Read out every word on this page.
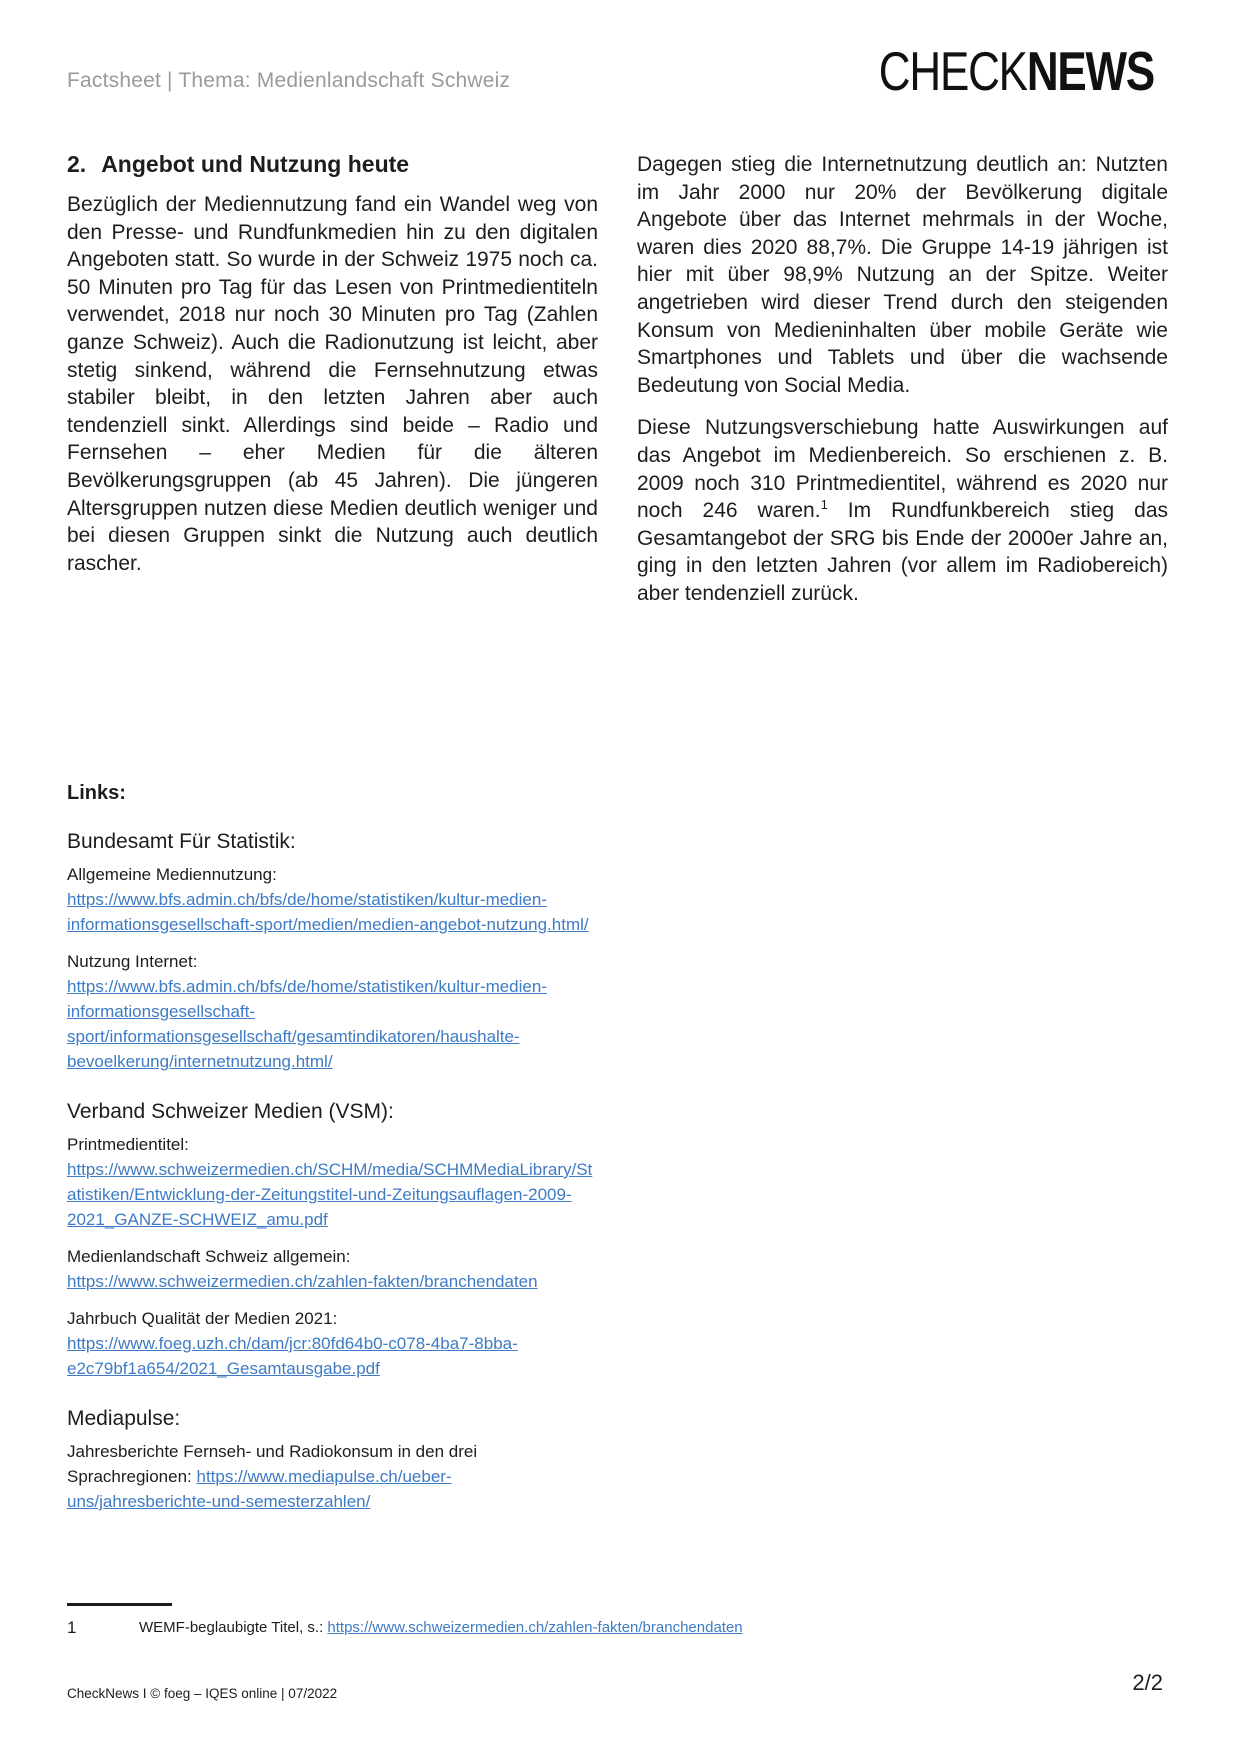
Factsheet | Thema: Medienlandschaft Schweiz	CHECKNEWS
2. Angebot und Nutzung heute

Bezüglich der Mediennutzung fand ein Wandel weg von den Presse- und Rundfunkmedien hin zu den digitalen Angeboten statt. So wurde in der Schweiz 1975 noch ca. 50 Minuten pro Tag für das Lesen von Printmedientiteln verwendet, 2018 nur noch 30 Minuten pro Tag (Zahlen ganze Schweiz). Auch die Radionutzung ist leicht, aber stetig sinkend, während die Fernsehnutzung etwas stabiler bleibt, in den letzten Jahren aber auch tendenziell sinkt. Allerdings sind beide – Radio und Fernsehen – eher Medien für die älteren Bevölkerungsgruppen (ab 45 Jahren). Die jüngeren Altersgruppen nutzen diese Medien deutlich weniger und bei diesen Gruppen sinkt die Nutzung auch deutlich rascher.

Dagegen stieg die Internetnutzung deutlich an: Nutzten im Jahr 2000 nur 20% der Bevölkerung digitale Angebote über das Internet mehrmals in der Woche, waren dies 2020 88,7%. Die Gruppe 14-19 jährigen ist hier mit über 98,9% Nutzung an der Spitze. Weiter angetrieben wird dieser Trend durch den steigenden Konsum von Medieninhalten über mobile Geräte wie Smartphones und Tablets und über die wachsende Bedeutung von Social Media.

Diese Nutzungsverschiebung hatte Auswirkungen auf das Angebot im Medienbereich. So erschienen z. B. 2009 noch 310 Printmedientitel, während es 2020 nur noch 246 waren.$^1$ Im Rundfunkbereich stieg das Gesamtangebot der SRG bis Ende der 2000er Jahre an, ging in den letzten Jahren (vor allem im Radiobereich) aber tendenziell zurück.

Links:

Bundesamt Für Statistik:

Allgemeine Mediennutzung: https://www.bfs.admin.ch/bfs/de/home/statistiken/kultur-medien-informationsgesellschaft-sport/medien/medien-angebot-nutzung.html/

Nutzung Internet: https://www.bfs.admin.ch/bfs/de/home/statistiken/kultur-medien-informationsgesellschaft-sport/informationsgesellschaft/gesamtindikatoren/haushalte-bevoelkerung/internetnutzung.html/

Verband Schweizer Medien (VSM):

Printmedientitel: https://www.schweizermedien.ch/SCHM/media/SCHMMediaLibrary/Statistiken/Entwicklung-der-Zeitungstitel-und-Zeitungsauflagen-2009-2021_GANZE-SCHWEIZ_amu.pdf

Medienlandschaft Schweiz allgemein: https://www.schweizermedien.ch/zahlen-fakten/branchendaten

Jahrbuch Qualität der Medien 2021: https://www.foeg.uzh.ch/dam/jcr:80fd64b0-c078-4ba7-8bba-e2c79bf1a654/2021_Gesamtausgabe.pdf

Mediapulse:

Jahresberichte Fernseh- und Radiokonsum in den drei Sprachregionen: https://www.mediapulse.ch/ueber-uns/jahresberichte-und-semesterzahlen/

1	WEMF-beglaubigte Titel, s.: https://www.schweizermedien.ch/zahlen-fakten/branchendaten
CheckNews I © foeg – IQES online | 07/2022	2/2
